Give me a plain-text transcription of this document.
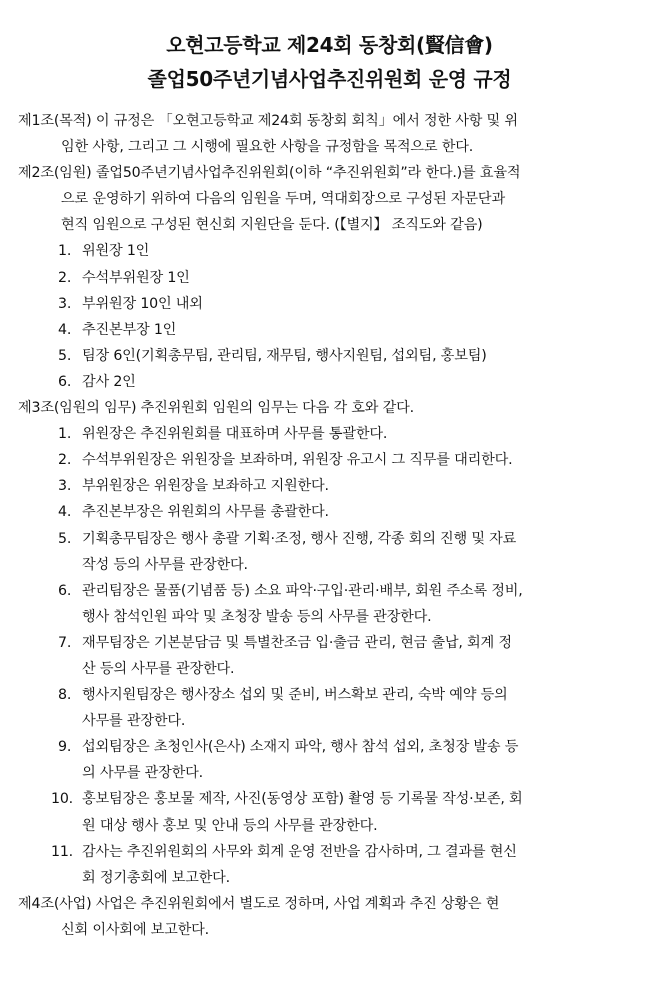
오현고등학교 제24회 동창회(賢信會)
졸업50주년기념사업추진위원회 운영 규정
제1조(목적) 이 규정은 「오현고등학교 제24회 동창회 회칙」에서 정한 사항 및 위
임한 사항, 그리고 그 시행에 필요한 사항을 규정함을 목적으로 한다.
제2조(임원) 졸업50주년기념사업추진위원회(이하 “추진위원회”라 한다.)를 효율적
으로 운영하기 위하여 다음의 임원을 두며, 역대회장으로 구성된 자문단과
현직 임원으로 구성된 현신회 지원단을 둔다. (【별지】 조직도와 같음)
1. 위원장 1인
2. 수석부위원장 1인
3. 부위원장 10인 내외
4. 추진본부장 1인
5. 팀장 6인(기획총무팀, 관리팀, 재무팀, 행사지원팀, 섭외팀, 홍보팀)
6. 감사 2인
제3조(임원의 임무) 추진위원회 임원의 임무는 다음 각 호와 같다.
1. 위원장은 추진위원회를 대표하며 사무를 통괄한다.
2. 수석부위원장은 위원장을 보좌하며, 위원장 유고시 그 직무를 대리한다.
3. 부위원장은 위원장을 보좌하고 지원한다.
4. 추진본부장은 위원회의 사무를 총괄한다.
5. 기획총무팀장은 행사 총괄 기획·조정, 행사 진행, 각종 회의 진행 및 자료
작성 등의 사무를 관장한다.
6. 관리팀장은 물품(기념품 등) 소요 파악·구입·관리·배부, 회원 주소록 정비,
행사 참석인원 파악 및 초청장 발송 등의 사무를 관장한다.
7. 재무팀장은 기본분담금 및 특별찬조금 입·출금 관리, 현금 출납, 회계 정
산 등의 사무를 관장한다.
8. 행사지원팀장은 행사장소 섭외 및 준비, 버스확보 관리, 숙박 예약 등의
사무를 관장한다.
9. 섭외팀장은 초청인사(은사) 소재지 파악, 행사 참석 섭외, 초청장 발송 등
의 사무를 관장한다.
10. 홍보팀장은 홍보물 제작, 사진(동영상 포함) 촬영 등 기록물 작성·보존, 회
원 대상 행사 홍보 및 안내 등의 사무를 관장한다.
11. 감사는 추진위원회의 사무와 회계 운영 전반을 감사하며, 그 결과를 현신
회 정기총회에 보고한다.
제4조(사업) 사업은 추진위원회에서 별도로 정하며, 사업 계획과 추진 상황은 현
신회 이사회에 보고한다.
